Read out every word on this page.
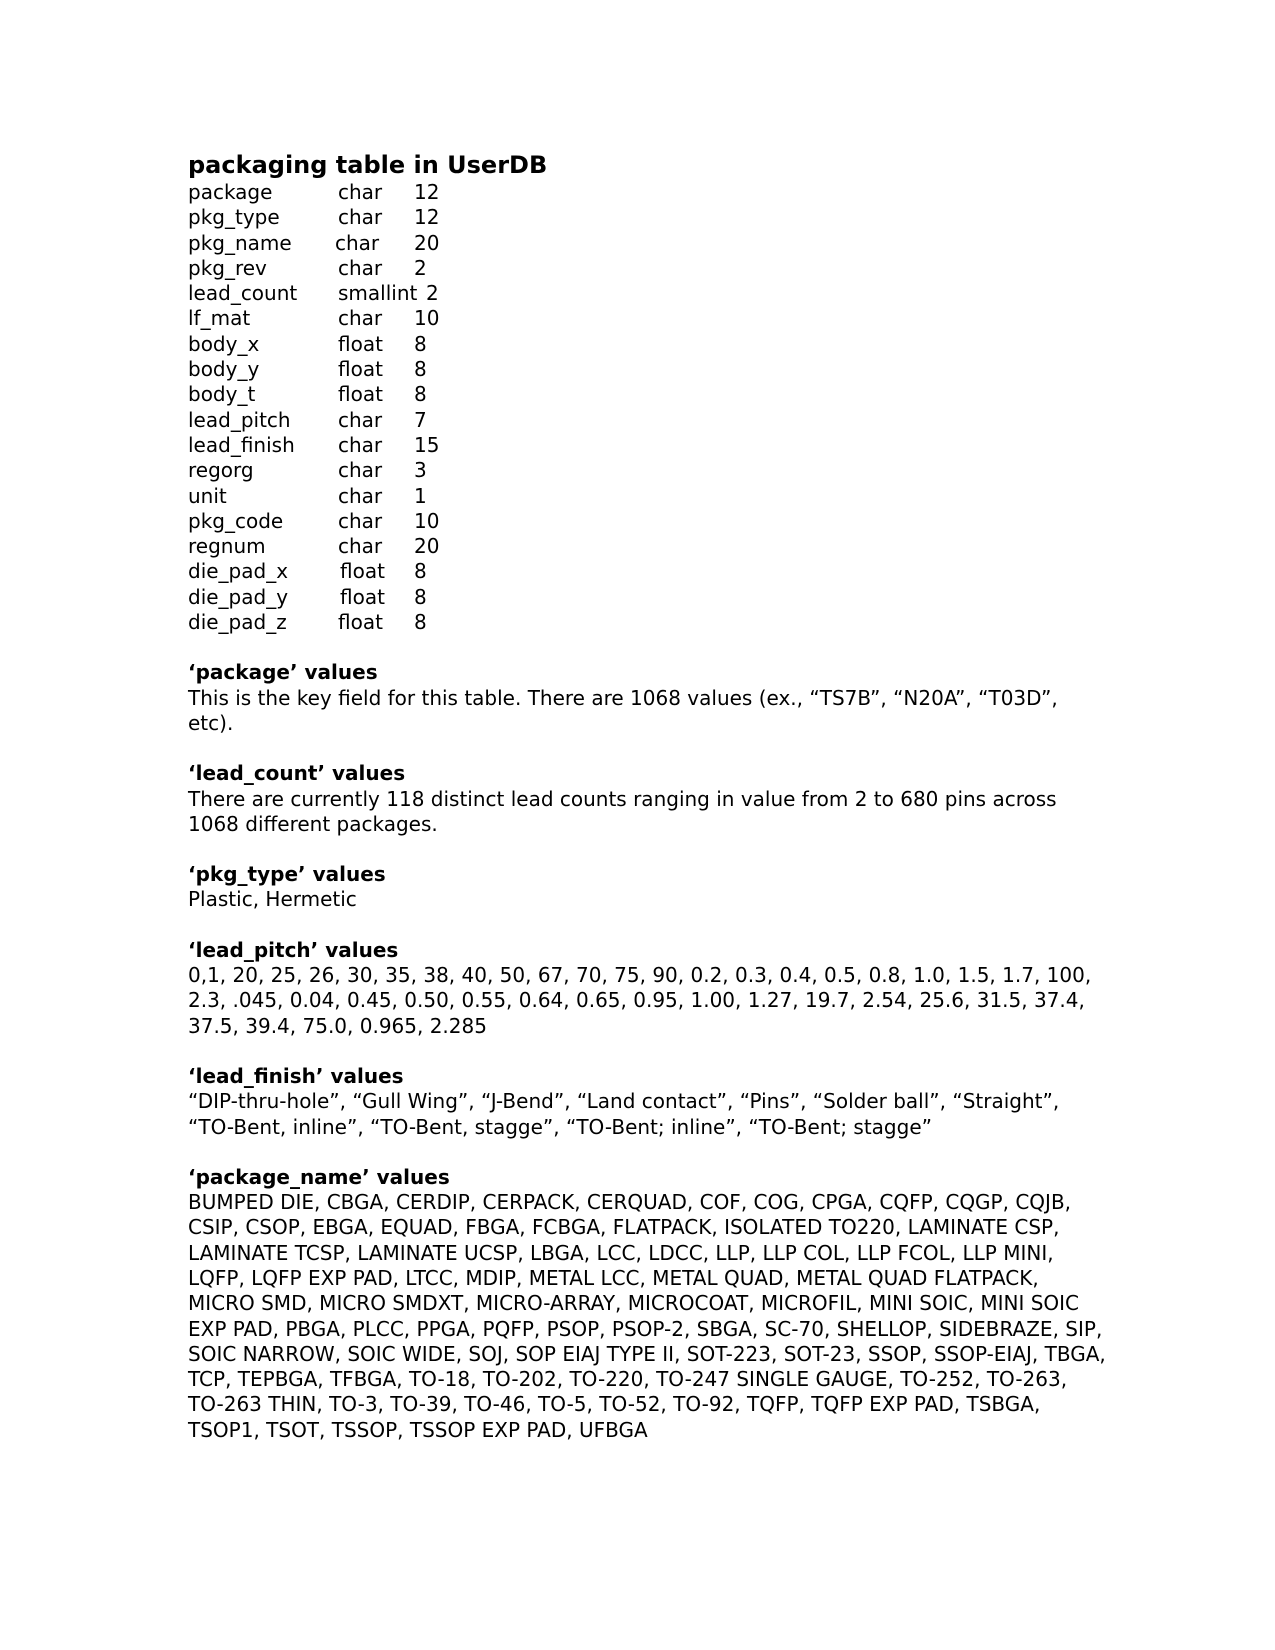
packaging table in UserDB
package	char 12
pkg_type	char 12
pkg_name char 20
pkg_rev	char 2
lead_count smallint 2
lf_mat	char 10
body_x	float 8
body_y	float 8
body_t	float 8
lead_pitch char 7
lead_finish char 15
regorg	char 3
unit	char 1
pkg_code	char 10
regnum	char 20
die_pad_x	float 8
die_pad_y	float 8
die_pad_z	float 8

‘package’ values

This is the key field for this table. There are 1068 values (ex., “TS7B”, “N20A”, “T03D”, etc).

‘lead_count’ values

There are currently 118 distinct lead counts ranging in value from 2 to 680 pins across 1068 different packages.

‘pkg_type’ values

Plastic, Hermetic

‘lead_pitch’ values

0,1, 20, 25, 26, 30, 35, 38, 40, 50, 67, 70, 75, 90, 0.2, 0.3, 0.4, 0.5, 0.8, 1.0, 1.5, 1.7, 100, 2.3, .045, 0.04, 0.45, 0.50, 0.55, 0.64, 0.65, 0.95, 1.00, 1.27, 19.7, 2.54, 25.6, 31.5, 37.4, 37.5, 39.4, 75.0, 0.965, 2.285

‘lead_finish’ values

“DIP-thru-hole”, “Gull Wing”, “J-Bend”, “Land contact”, “Pins”, “Solder ball”, “Straight”, “TO-Bent, inline”, “TO-Bent, stagge”, “TO-Bent; inline”, “TO-Bent; stagge”

‘package_name’ values

BUMPED DIE, CBGA, CERDIP, CERPACK, CERQUAD, COF, COG, CPGA, CQFP, CQGP, CQJB, CSIP, CSOP, EBGA, EQUAD, FBGA, FCBGA, FLATPACK, ISOLATED TO220, LAMINATE CSP, LAMINATE TCSP, LAMINATE UCSP, LBGA, LCC, LDCC, LLP, LLP COL, LLP FCOL, LLP MINI, LQFP, LQFP EXP PAD, LTCC, MDIP, METAL LCC, METAL QUAD, METAL QUAD FLATPACK, MICRO SMD, MICRO SMDXT, MICRO-ARRAY, MICROCOAT, MICROFIL, MINI SOIC, MINI SOIC EXP PAD, PBGA, PLCC, PPGA, PQFP, PSOP, PSOP-2, SBGA, SC-70, SHELLOP, SIDEBRAZE, SIP, SOIC NARROW, SOIC WIDE, SOJ, SOP EIAJ TYPE II, SOT-223, SOT-23, SSOP, SSOP-EIAJ, TBGA, TCP, TEPBGA, TFBGA, TO-18, TO-202, TO-220, TO-247 SINGLE GAUGE, TO-252, TO-263, TO-263 THIN, TO-3, TO-39, TO-46, TO-5, TO-52, TO-92, TQFP, TQFP EXP PAD, TSBGA, TSOP1, TSOT, TSSOP, TSSOP EXP PAD, UFBGA
